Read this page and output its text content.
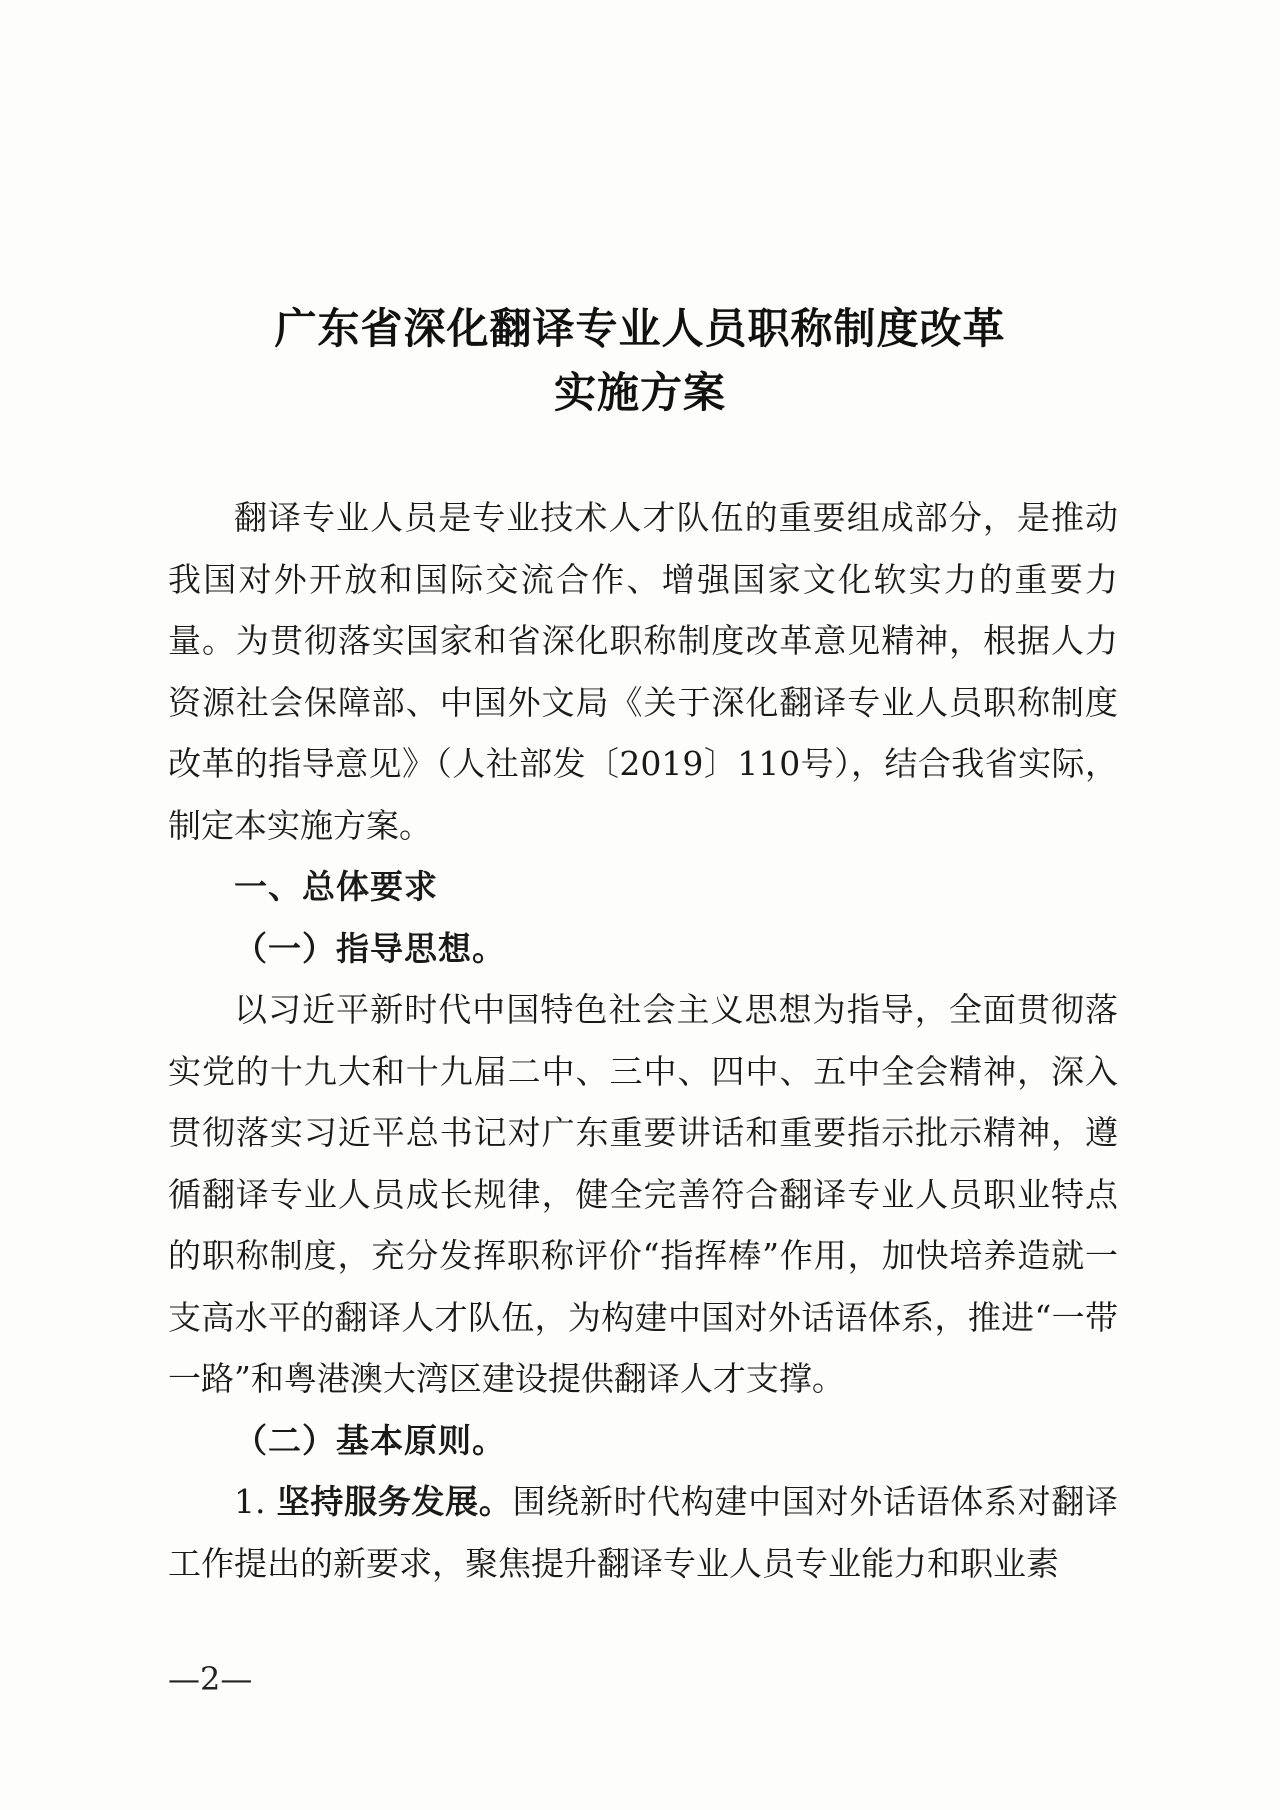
广东省深化翻译专业人员职称制度改革
实施方案

翻译专业人员是专业技术人才队伍的重要组成部分，是推动我国对外开放和国际交流合作、增强国家文化软实力的重要力量。为贯彻落实国家和省深化职称制度改革意见精神，根据人力资源社会保障部、中国外文局《关于深化翻译专业人员职称制度改革的指导意见》（人社部发〔2019〕110号），结合我省实际，制定本实施方案。

一、总体要求

（一）指导思想。

以习近平新时代中国特色社会主义思想为指导，全面贯彻落实党的十九大和十九届二中、三中、四中、五中全会精神，深入贯彻落实习近平总书记对广东重要讲话和重要指示批示精神，遵循翻译专业人员成长规律，健全完善符合翻译专业人员职业特点的职称制度，充分发挥职称评价“指挥棒”作用，加快培养造就一支高水平的翻译人才队伍，为构建中国对外话语体系，推进“一带一路”和粤港澳大湾区建设提供翻译人才支撑。

（二）基本原则。

1. 坚持服务发展。围绕新时代构建中国对外话语体系对翻译工作提出的新要求，聚焦提升翻译专业人员专业能力和职业素

—2—
